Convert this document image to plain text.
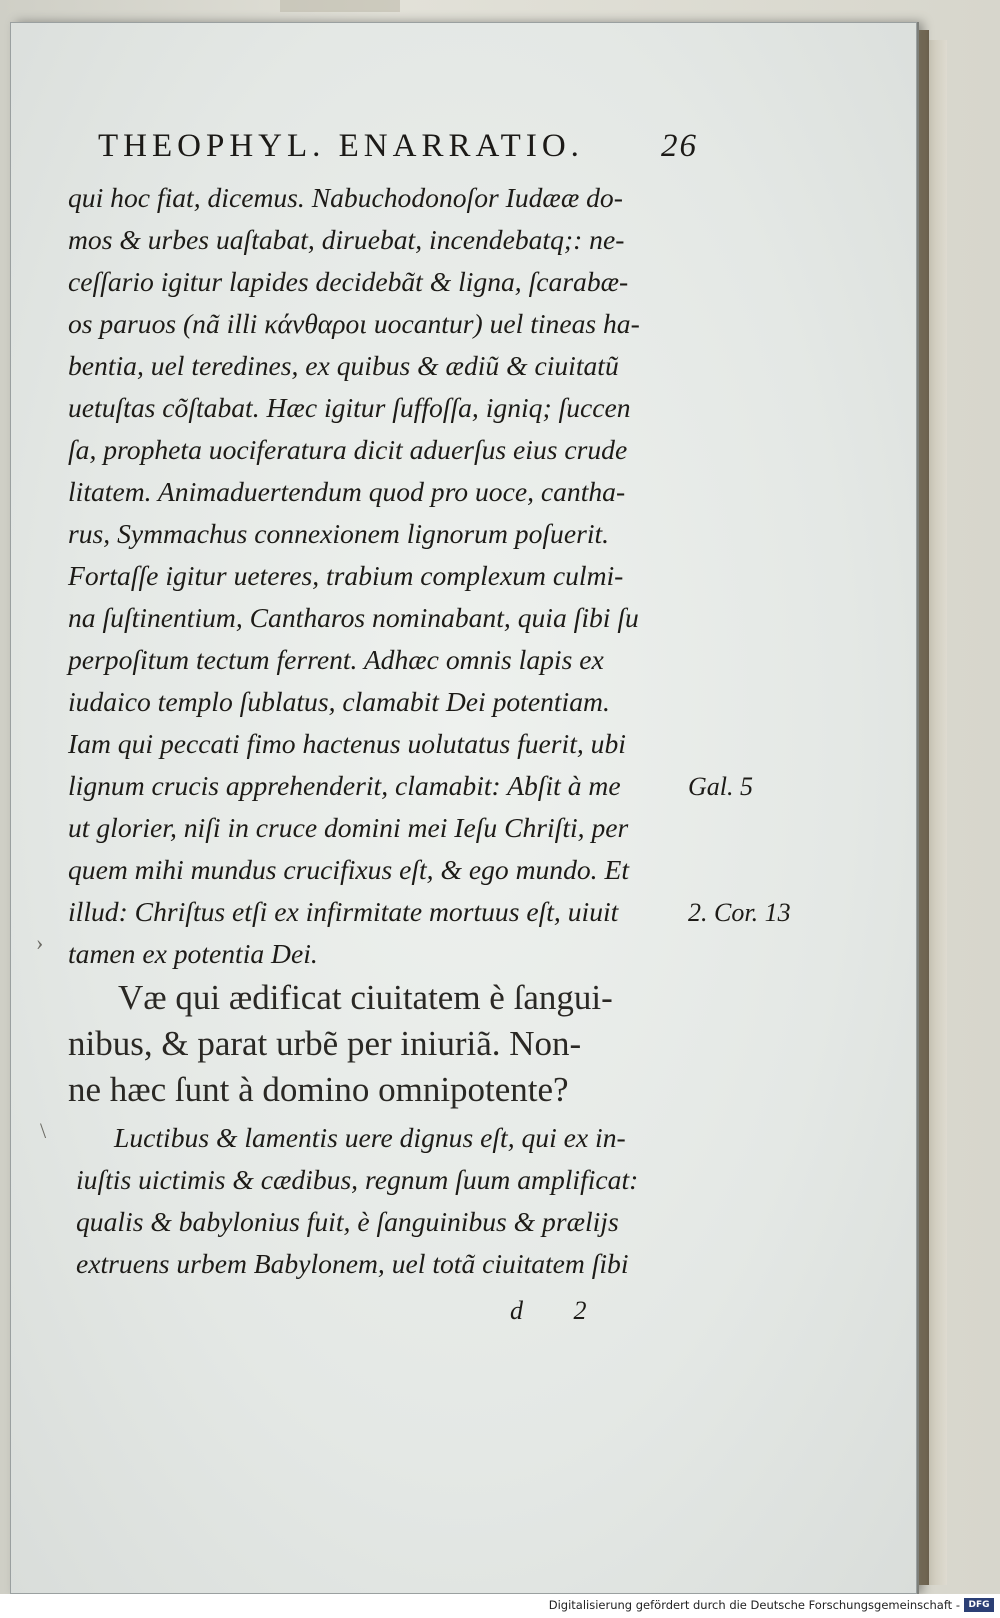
THEOPHYL. ENARRATIO. 26
qui hoc fiat, dicemus. Nabuchodonoſor Iudææ do-
mos & urbes uaſtabat, diruebat, incendebatq;: ne-
ceſſario igitur lapides decidebãt & ligna, ſcarabæ-
os paruos (nã illi κάνθαροι uocantur) uel tineas ha-
bentia, uel teredines, ex quibus & ædiũ & ciuitatũ
uetuſtas cõſtabat. Hæc igitur ſuffoſſa, igniq; ſuccen
ſa, propheta uociferatura dicit aduerſus eius crude
litatem. Animaduertendum quod pro uoce, cantha-
rus, Symmachus connexionem lignorum poſuerit.
Fortaſſe igitur ueteres, trabium complexum culmi-
na ſuſtinentium, Cantharos nominabant, quia ſibi ſu
perpoſitum tectum ferrent. Adhæc omnis lapis ex
iudaico templo ſublatus, clamabit Dei potentiam.
Iam qui peccati fimo hactenus uolutatus fuerit, ubi
lignum crucis apprehenderit, clamabit: Abſit à me
ut glorier, niſi in cruce domini mei Ieſu Chriſti, per
quem mihi mundus crucifixus eſt, & ego mundo. Et
illud: Chriſtus etſi ex infirmitate mortuus eſt, uiuit
tamen ex potentia Dei.
Gal. 5
2. Cor. 13
Væ qui ædificat ciuitatem è ſangui-
nibus, & parat urbẽ per iniuriã. Non-
ne hæc ſunt à domino omnipotente?
Luctibus & lamentis uere dignus eſt, qui ex in-
iuſtis uictimis & cædibus, regnum ſuum amplificat:
qualis & babylonius fuit, è ſanguinibus & prælijs
extruens urbem Babylonem, uel totã ciuitatem ſibi
d 2
›
\
Digitalisierung gefördert durch die Deutsche Forschungsgemeinschaft - DFG
